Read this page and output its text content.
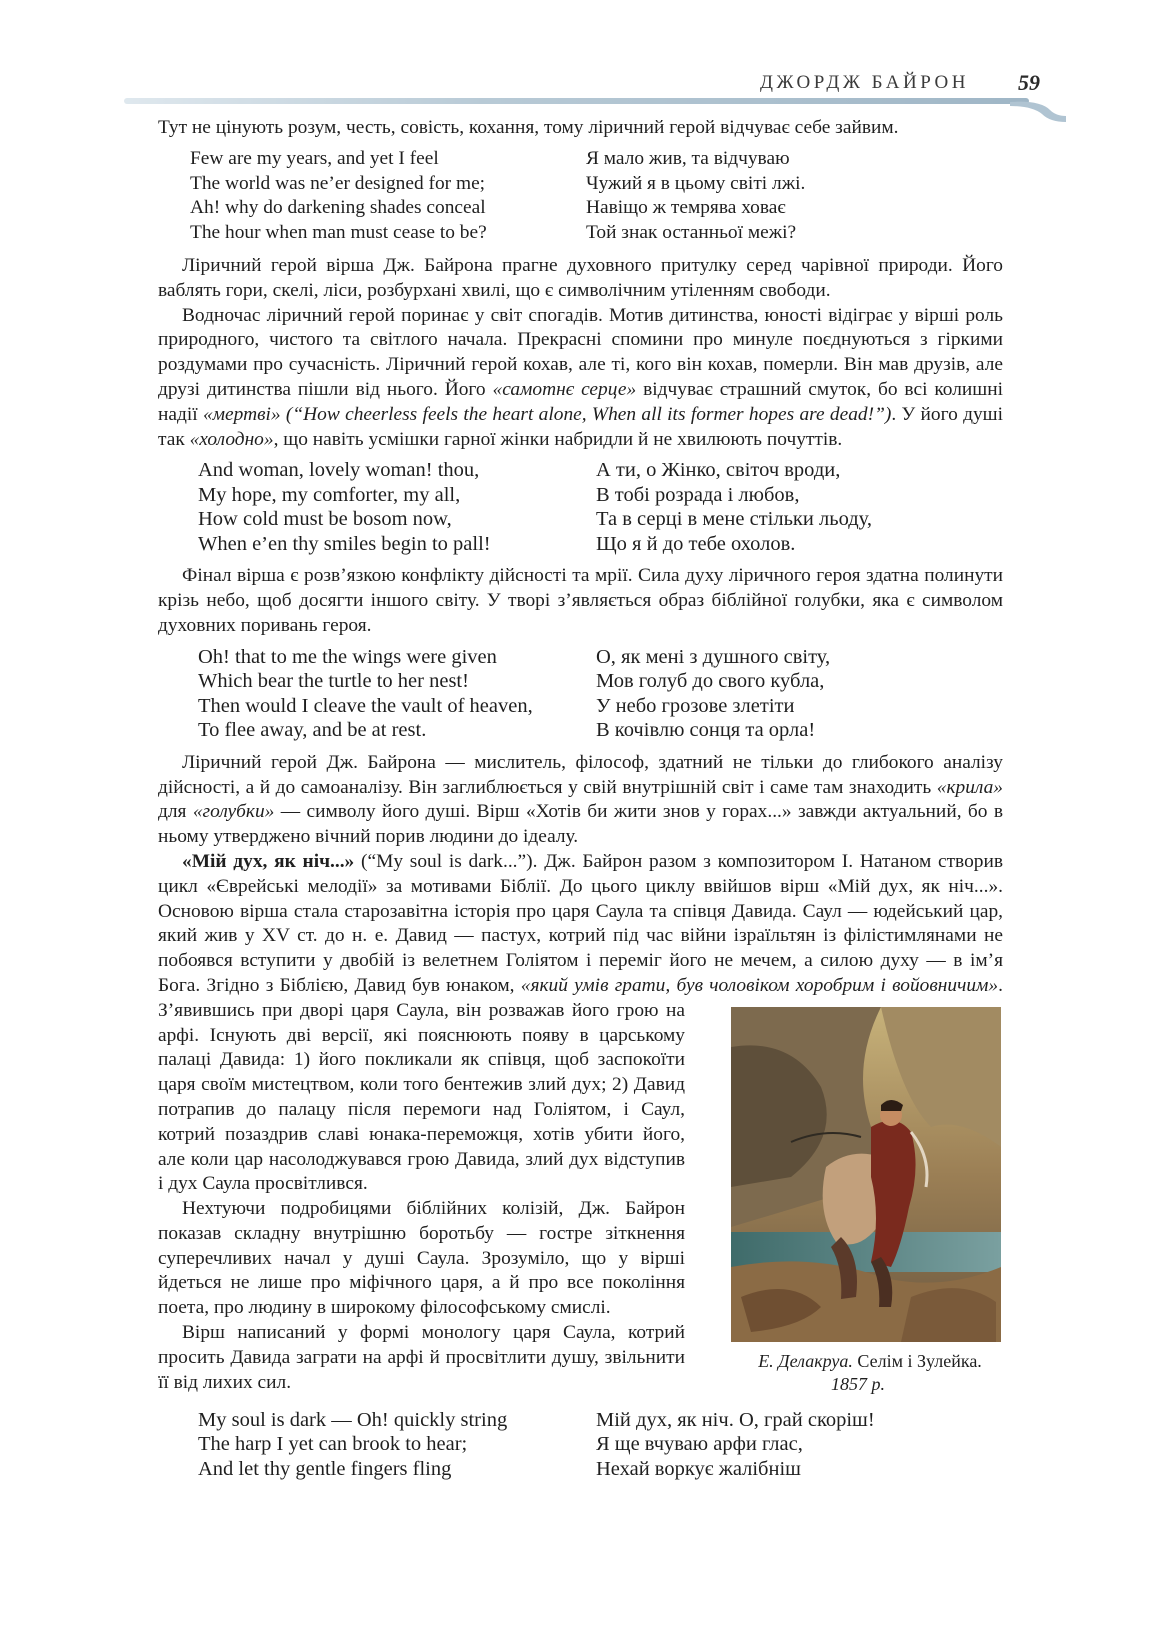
ДЖОРДЖ БАЙРОН	59

Тут не цінують розум, честь, совість, кохання, тому ліричний герой відчуває себе зайвим.

Few are my years, and yet I feel
The world was ne’er designed for me;
Ah! why do darkening shades conceal
The hour when man must cease to be?
Я мало жив, та відчуваю
Чужий я в цьому світі лжі.
Навіщо ж темрява ховає
Той знак останньої межі?

Ліричний герой вірша Дж. Байрона прагне духовного притулку серед чарівної природи. Його ваблять гори, скелі, ліси, розбурхані хвилі, що є символічним утіленням свободи.

Водночас ліричний герой поринає у світ спогадів. Мотив дитинства, юності відіграє у вірші роль природного, чистого та світлого начала. Прекрасні спомини про минуле поєднуються з гіркими роздумами про сучасність. Ліричний герой кохав, але ті, кого він кохав, померли. Він мав друзів, але друзі дитинства пішли від нього. Його «самотнє серце» відчуває страшний смуток, бо всі колишні надії «мертві» (“How cheerless feels the heart alone, When all its former hopes are dead!”). У його душі так «холодно», що навіть усмішки гарної жінки набридли й не хвилюють почуттів.

And woman, lovely woman! thou,
My hope, my comforter, my all,
How cold must be bosom now,
When e’en thy smiles begin to pall!
А ти, о Жінко, світоч вроди,
В тобі розрада і любов,
Та в серці в мене стільки льоду,
Що я й до тебе охолов.

Фінал вірша є розв’язкою конфлікту дійсності та мрії. Сила духу ліричного героя здатна полинути крізь небо, щоб досягти іншого світу. У творі з’являється образ біблійної голубки, яка є символом духовних поривань героя.

Oh! that to me the wings were given
Which bear the turtle to her nest!
Then would I cleave the vault of heaven,
To flee away, and be at rest.
О, як мені з душного світу,
Мов голуб до свого кубла,
У небо грозове злетіти
В кочівлю сонця та орла!

Ліричний герой Дж. Байрона — мислитель, філософ, здатний не тільки до глибокого аналізу дійсності, а й до самоаналізу. Він заглиблюється у свій внутрішній світ і саме там знаходить «крила» для «голубки» — символу його душі. Вірш «Хотів би жити знов у горах...» завжди актуальний, бо в ньому утверджено вічний порив людини до ідеалу.

«Мій дух, як ніч...» (“My soul is dark...”). Дж. Байрон разом з композитором І. Натаном створив цикл «Єврейські мелодії» за мотивами Біблії. До цього циклу ввійшов вірш «Мій дух, як ніч...». Основою вірша стала старозавітна історія про царя Саула та співця Давида. Саул — юдейський цар, який жив у XV ст. до н. е. Давид — пастух, котрий під час війни ізраїльтян із філістимлянами не побоявся вступити у двобій із велетнем Голіятом і переміг його не мечем, а силою духу — в ім’я Бога. Згідно з Біблією, Давид був юнаком, «який умів грати, був чоловіком хоробрим і войовничим»
Е. Делакруа. Селім і Зулейка.
1857 р.
. З’явившись при дворі царя Саула, він розважав його грою на арфі. Існують дві версії, які пояснюють появу в царському палаці Давида: 1) його покликали як співця, щоб заспокоїти царя своїм мистецтвом, коли того бентежив злий дух; 2) Давид потрапив до палацу після перемоги над Голіятом, і Саул, котрий позаздрив славі юнака-переможця, хотів убити його, але коли цар насолоджувався грою Давида, злий дух відступив і дух Саула просвітлився.

Нехтуючи подробицями біблійних колізій, Дж. Байрон показав складну внутрішню боротьбу — гостре зіткнення суперечливих начал у душі Саула. Зрозуміло, що у вірші йдеться не лише про міфічного царя, а й про все покоління поета, про людину в широкому філософському смислі.

Вірш написаний у формі монологу царя Саула, котрий просить Давида заграти на арфі й просвітлити душу, звільнити її від лихих сил.

My soul is dark — Oh! quickly string
The harp I yet can brook to hear;
And let thy gentle fingers fling
Мій дух, як ніч. О, грай скоріш!
Я ще вчуваю арфи глас,
Нехай воркує жалібніш
